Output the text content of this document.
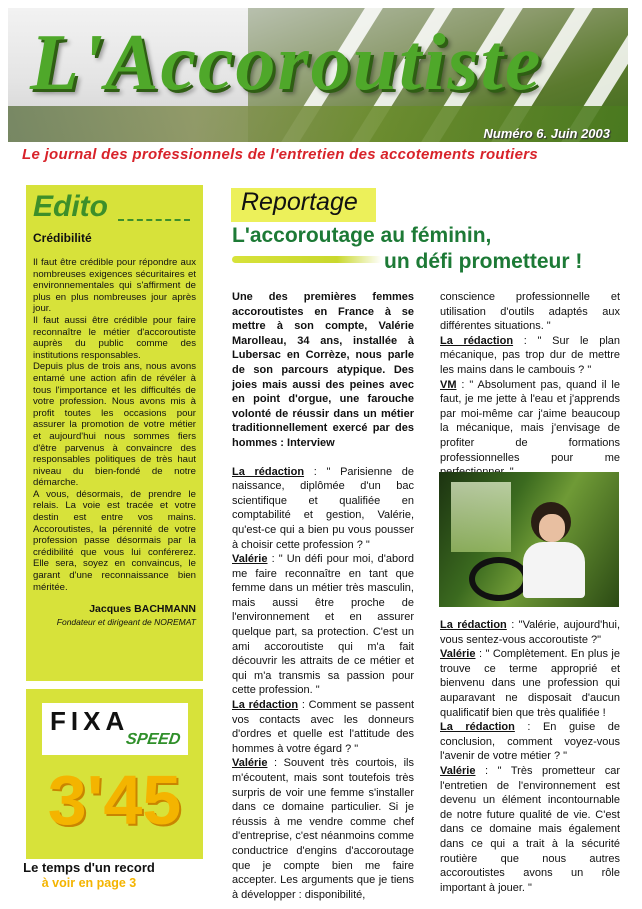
L'Accoroutiste
Numéro 6. Juin 2003
Le journal des professionnels de l'entretien des accotements routiers
Edito
Crédibilité

Il faut être crédible pour répondre aux nombreuses exigences sécuritaires et environnementales qui s'affirment de plus en plus nombreuses jour après jour.

Il faut aussi être crédible pour faire reconnaître le métier d'accoroutiste auprès du public comme des institutions responsables.

Depuis plus de trois ans, nous avons entamé une action afin de révéler à tous l'importance et les difficultés de votre profession. Nous avons mis à profit toutes les occasions pour assurer la promotion de votre métier et aujourd'hui nous sommes fiers d'être parvenus à convaincre des responsables politiques de très haut niveau du bien-fondé de notre démarche.

A vous, désormais, de prendre le relais. La voie est tracée et votre destin est entre vos mains. Accoroutistes, la pérennité de votre profession passe désormais par la crédibilité que vous lui conférerez. Elle sera, soyez en convaincus, le garant d'une reconnaissance bien méritée.

Jacques BACHMANN
Fondateur et dirigeant de NOREMAT
FIXA
SPEED
3'45
Le temps d'un record
à voir en page 3
Reportage
L'accoroutage au féminin,
un défi prometteur !

Une des premières femmes accoroutistes en France à se mettre à son compte, Valérie Marolleau, 34 ans, installée à Lubersac en Corrèze, nous parle de son parcours atypique. Des joies mais aussi des peines avec en point d'orgue, une farouche volonté de réussir dans un métier traditionnellement exercé par des hommes : Interview

La rédaction : " Parisienne de naissance, diplômée d'un bac scientifique et qualifiée en comptabilité et gestion, Valérie, qu'est-ce qui a bien pu vous pousser à choisir cette profession ? "

Valérie : " Un défi pour moi, d'abord me faire reconnaître en tant que femme dans un métier très masculin, mais aussi être proche de l'environnement et en assurer quelque part, sa protection. C'est un ami accoroutiste qui m'a fait découvrir les attraits de ce métier et qui m'a transmis sa passion pour cette profession. "

La rédaction : Comment se passent vos contacts avec les donneurs d'ordres et quelle est l'attitude des hommes à votre égard ? "

Valérie : Souvent très courtois, ils m'écoutent, mais sont toutefois très surpris de voir une femme s'installer dans ce domaine particulier. Si je réussis à me vendre comme chef d'entreprise, c'est néanmoins comme conductrice d'engins d'accoroutage que je compte bien me faire accepter. Les arguments que je tiens à développer : disponibilité,

conscience professionnelle et utilisation d'outils adaptés aux différentes situations. "

La rédaction : " Sur le plan mécanique, pas trop dur de mettre les mains dans le cambouis ? "

VM : " Absolument pas, quand il le faut, je me jette à l'eau et j'apprends par moi-même car j'aime beaucoup la mécanique, mais j'envisage de profiter de formations professionnelles pour me

La rédaction : "Valérie, aujourd'hui, vous sentez-vous accoroutiste ?"

Valérie : " Complètement. En plus je trouve ce terme approprié et bienvenu dans une profession qui auparavant ne disposait d'aucun qualificatif bien que très qualifiée !

La rédaction : En guise de conclusion, comment voyez-vous l'avenir de votre métier ? "

Valérie : " Très prometteur car l'entretien de l'environnement est devenu un élément incontournable de notre future qualité de vie. C'est dans ce domaine mais également dans ce qui a trait à la sécurité routière que nous autres accoroutistes avons un rôle important à jouer. "
